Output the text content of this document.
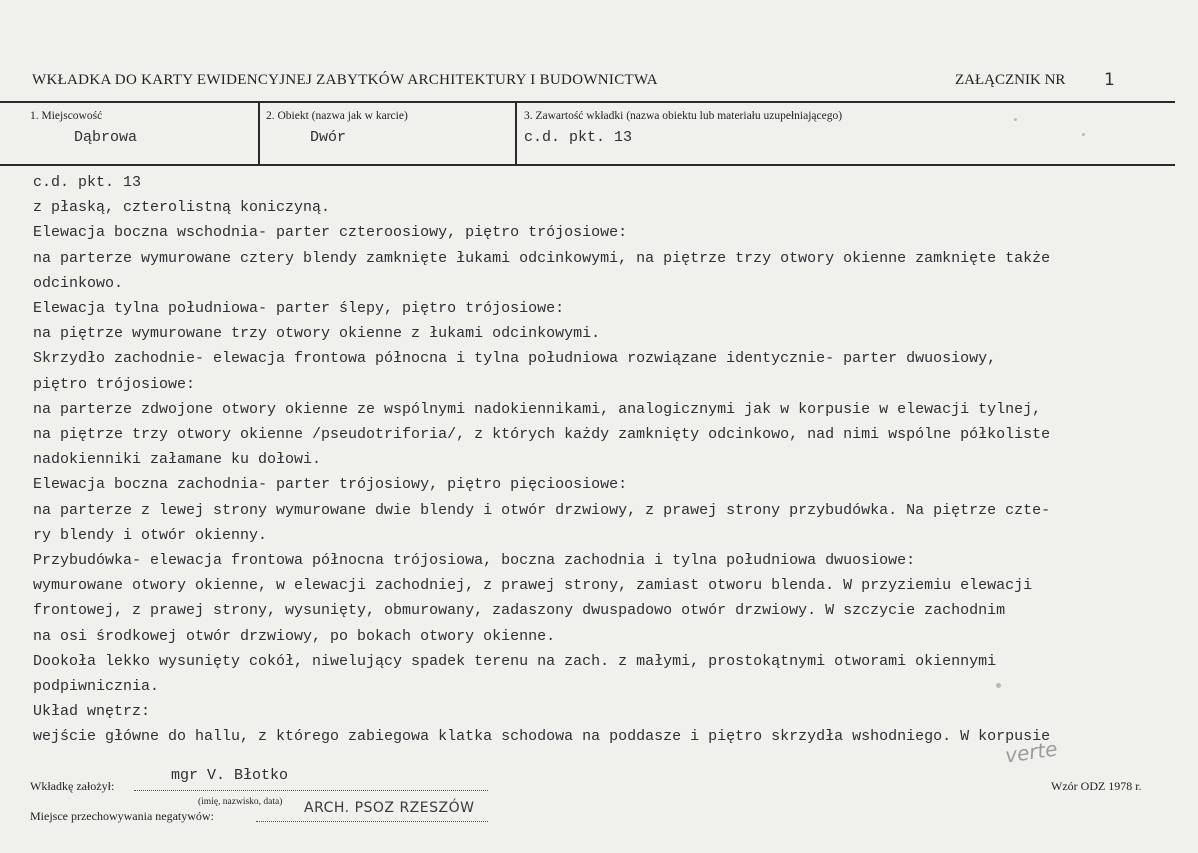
WKŁADKA DO KARTY EWIDENCYJNEJ ZABYTKÓW ARCHITEKTURY I BUDOWNICTWA	ZAŁĄCZNIK NR 1
1. Miejscowość
Dąbrowa
2. Obiekt (nazwa jak w karcie)
Dwór
3. Zawartość wkładki (nazwa obiektu lub materiału uzupełniającego)
c.d. pkt. 13
c.d. pkt. 13
z płaską, czterolistną koniczyną.
Elewacja boczna wschodnia- parter czteroosiowy, piętro trójosiowe:
na parterze wymurowane cztery blendy zamknięte łukami odcinkowymi, na piętrze trzy otwory okienne zamknięte także
odcinkowo.
Elewacja tylna południowa- parter ślepy, piętro trójosiowe:
na piętrze wymurowane trzy otwory okienne z łukami odcinkowymi.
Skrzydło zachodnie- elewacja frontowa północna i tylna południowa rozwiązane identycznie- parter dwuosiowy,
piętro trójosiowe:
na parterze zdwojone otwory okienne ze wspólnymi nadokiennikami, analogicznymi jak w korpusie w elewacji tylnej,
na piętrze trzy otwory okienne /pseudotriforia/, z których każdy zamknięty odcinkowo, nad nimi wspólne półkoliste
nadokienniki załamane ku dołowi.
Elewacja boczna zachodnia- parter trójosiowy, piętro pięcioosiowe:
na parterze z lewej strony wymurowane dwie blendy i otwór drzwiowy, z prawej strony przybudówka. Na piętrze czte-
ry blendy i otwór okienny.
Przybudówka- elewacja frontowa północna trójosiowa, boczna zachodnia i tylna południowa dwuosiowe:
wymurowane otwory okienne, w elewacji zachodniej, z prawej strony, zamiast otworu blenda. W przyziemiu elewacji
frontowej, z prawej strony, wysunięty, obmurowany, zadaszony dwuspadowo otwór drzwiowy. W szczycie zachodnim
na osi środkowej otwór drzwiowy, po bokach otwory okienne.
Dookoła lekko wysunięty cokół, niwelujący spadek terenu na zach. z małymi, prostokątnymi otworami okiennymi
podpiwnicznia.
Układ wnętrz:
wejście główne do hallu, z którego zabiegowa klatka schodowa na poddasze i piętro skrzydła wshodniego. W korpusie
verte
Wkładkę założył:
mgr V. Błotko
(imię, nazwisko, data)
Miejsce przechowywania negatywów:	ARCH. PSOZ RZESZÓW
Wzór ODZ 1978 r.
